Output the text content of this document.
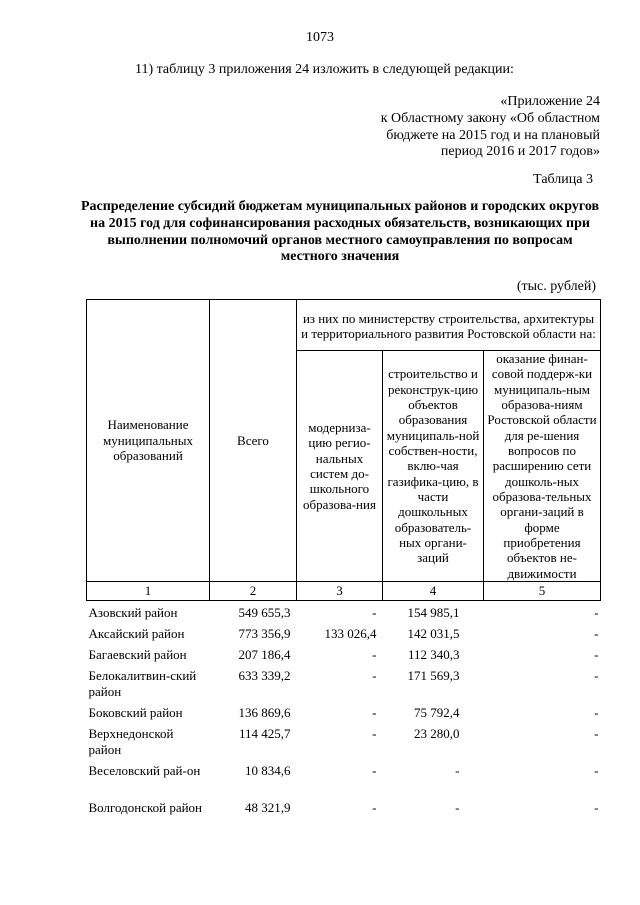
1073
11) таблицу 3 приложения 24 изложить в следующей редакции:
«Приложение 24
к Областному закону «Об областном
бюджете на 2015 год и на плановый
период 2016 и 2017 годов»
Таблица 3
Распределение субсидий бюджетам муниципальных районов и городских округов на 2015 год для софинансирования расходных обязательств, возникающих при выполнении полномочий органов местного самоуправления по вопросам местного значения
(тыс. рублей)
Наименование муниципальных образований	Всего	из них по министерству строительства, архитектуры и территориального развития Ростовской области на:		
		модерниза-цию регио-нальных систем до-школьного образова-ния	строительство и реконструк-цию объектов образования муниципаль-ной собствен-ности, вклю-чая газифика-цию, в части дошкольных образователь-ных органи-заций	оказание финан-совой поддерж-ки муниципаль-ным образова-ниям Ростовской области для ре-шения вопросов по расширению сети дошколь-ных образова-тельных органи-заций в форме приобретения объектов не-движимости
1	2	3	4	5
Азовский район	549 655,3	-	154 985,1	-
Аксайский район	773 356,9	133 026,4	142 031,5	-
Багаевский район	207 186,4	-	112 340,3	-
Белокалитвин-ский район	633 339,2	-	171 569,3	-
Боковский район	136 869,6	-	75 792,4	-
Верхнедонской район	114 425,7	-	23 280,0	-
Веселовский рай-он	10 834,6	-	-	-
Волгодонской район	48 321,9	-	-	-
